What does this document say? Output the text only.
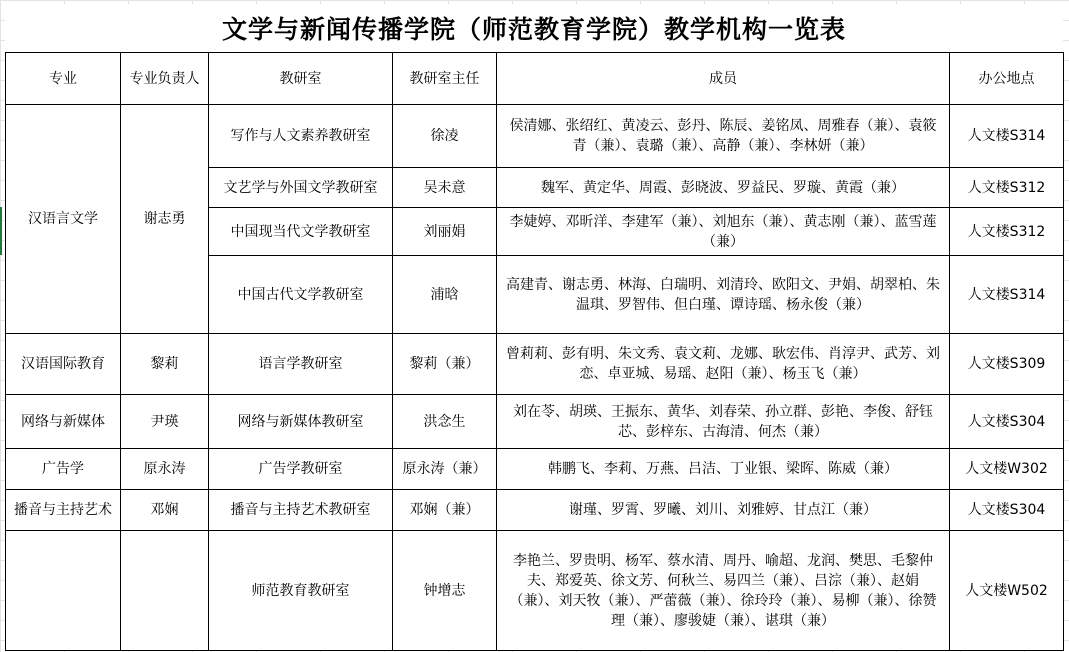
文学与新闻传播学院（师范教育学院）教学机构一览表
专业	专业负责人	教研室	教研室主任	成员	办公地点
汉语言文学	谢志勇	写作与人文素养教研室	徐凌	侯清娜、张绍红、黄凌云、彭丹、陈辰、姜铭凤、周雅春（兼）、袁筱青（兼）、袁璐（兼）、高静（兼）、李林妍（兼）	人文楼S314
		文艺学与外国文学教研室	吴未意	魏军、黄定华、周霞、彭晓波、罗益民、罗璇、黄霞（兼）	人文楼S312
		中国现当代文学教研室	刘丽娟	李婕婷、邓昕洋、李建军（兼）、刘旭东（兼）、黄志刚（兼）、蓝雪莲（兼）	人文楼S312
		中国古代文学教研室	浦晗	高建青、谢志勇、林海、白瑞明、刘清玲、欧阳文、尹娟、胡翠柏、朱温琪、罗智伟、但白瑾、谭诗瑶、杨永俊（兼）	人文楼S314
汉语国际教育	黎莉	语言学教研室	黎莉（兼）	曾莉莉、彭有明、朱文秀、袁文莉、龙娜、耿宏伟、肖淳尹、武芳、刘恋、卓亚城、易瑶、赵阳（兼）、杨玉飞（兼）	人文楼S309
网络与新媒体	尹瑛	网络与新媒体教研室	洪念生	刘在苓、胡瑛、王振东、黄华、刘春荣、孙立群、彭艳、李俊、舒钰芯、彭梓东、古海清、何杰（兼）	人文楼S304
广告学	原永涛	广告学教研室	原永涛（兼）	韩鹏飞、李莉、万燕、吕洁、丁业银、梁晖、陈威（兼）	人文楼W302
播音与主持艺术	邓娴	播音与主持艺术教研室	邓娴（兼）	谢瑾、罗霄、罗曦、刘川、刘雅婷、甘点江（兼）	人文楼S304
		师范教育教研室	钟增志	李艳兰、罗贵明、杨军、蔡水清、周丹、喻超、龙润、樊思、毛黎仲夫、郑爱英、徐文芳、何秋兰、易四兰（兼）、吕淙（兼）、赵娟（兼）、刘天牧（兼）、严蕾薇（兼）、徐玲玲（兼）、易柳（兼）、徐赞理（兼）、廖骏婕（兼）、谌琪（兼）	人文楼W502
